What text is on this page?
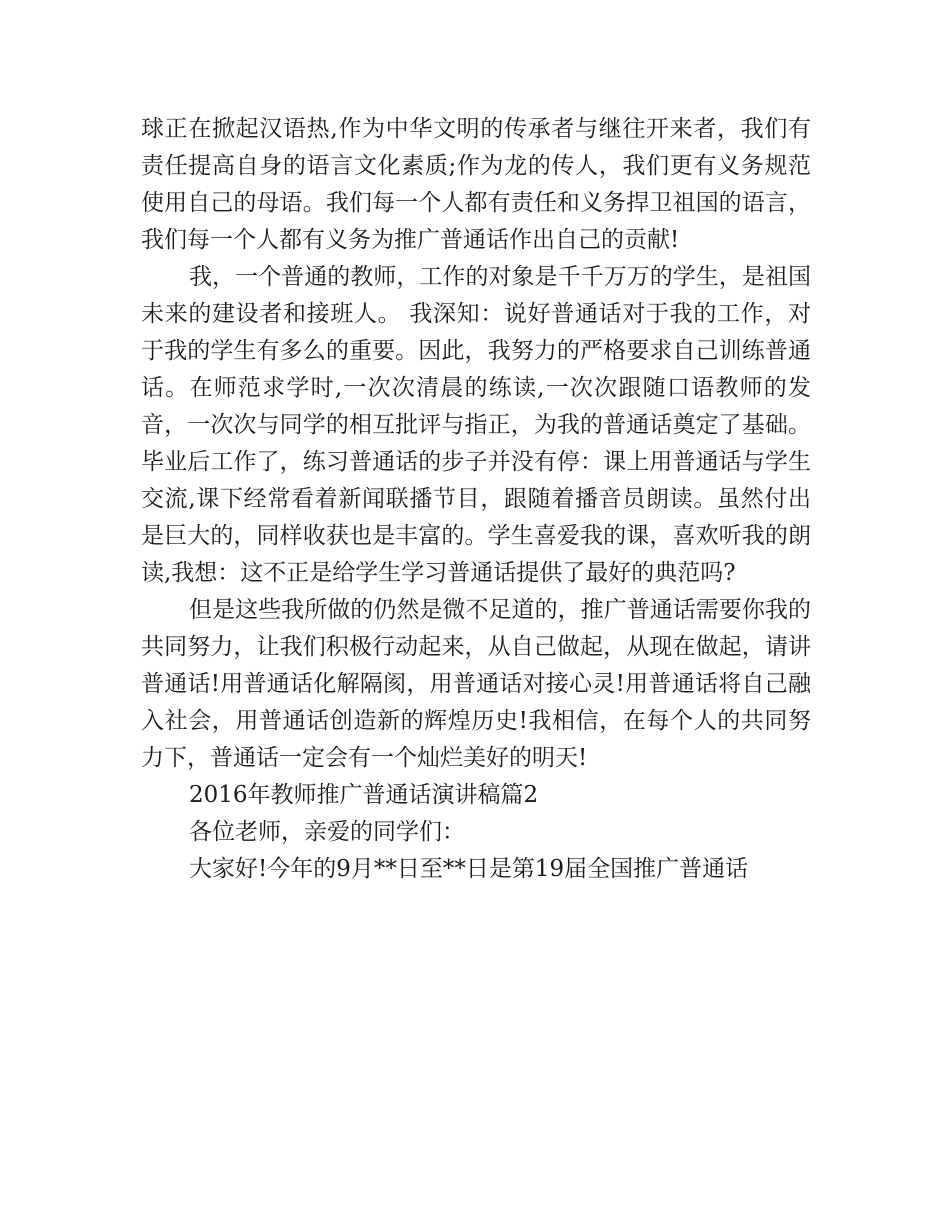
球正在掀起汉语热,作为中华文明的传承者与继往开来者，我们有责任提高自身的语言文化素质;作为龙的传人，我们更有义务规范使用自己的母语。我们每一个人都有责任和义务捍卫祖国的语言，我们每一个人都有义务为推广普通话作出自己的贡献!

我，一个普通的教师，工作的对象是千千万万的学生，是祖国未来的建设者和接班人。 我深知：说好普通话对于我的工作，对于我的学生有多么的重要。因此，我努力的严格要求自己训练普通话。在师范求学时,一次次清晨的练读,一次次跟随口语教师的发音，一次次与同学的相互批评与指正，为我的普通话奠定了基础。毕业后工作了，练习普通话的步子并没有停：课上用普通话与学生交流,课下经常看着新闻联播节目，跟随着播音员朗读。虽然付出是巨大的，同样收获也是丰富的。学生喜爱我的课，喜欢听我的朗读,我想：这不正是给学生学习普通话提供了最好的典范吗?

但是这些我所做的仍然是微不足道的，推广普通话需要你我的共同努力，让我们积极行动起来，从自己做起，从现在做起，请讲普通话!用普通话化解隔阂，用普通话对接心灵!用普通话将自己融入社会，用普通话创造新的辉煌历史!我相信，在每个人的共同努力下，普通话一定会有一个灿烂美好的明天!

2016年教师推广普通话演讲稿篇2

各位老师，亲爱的同学们：

大家好!今年的9月**日至**日是第19届全国推广普通话
